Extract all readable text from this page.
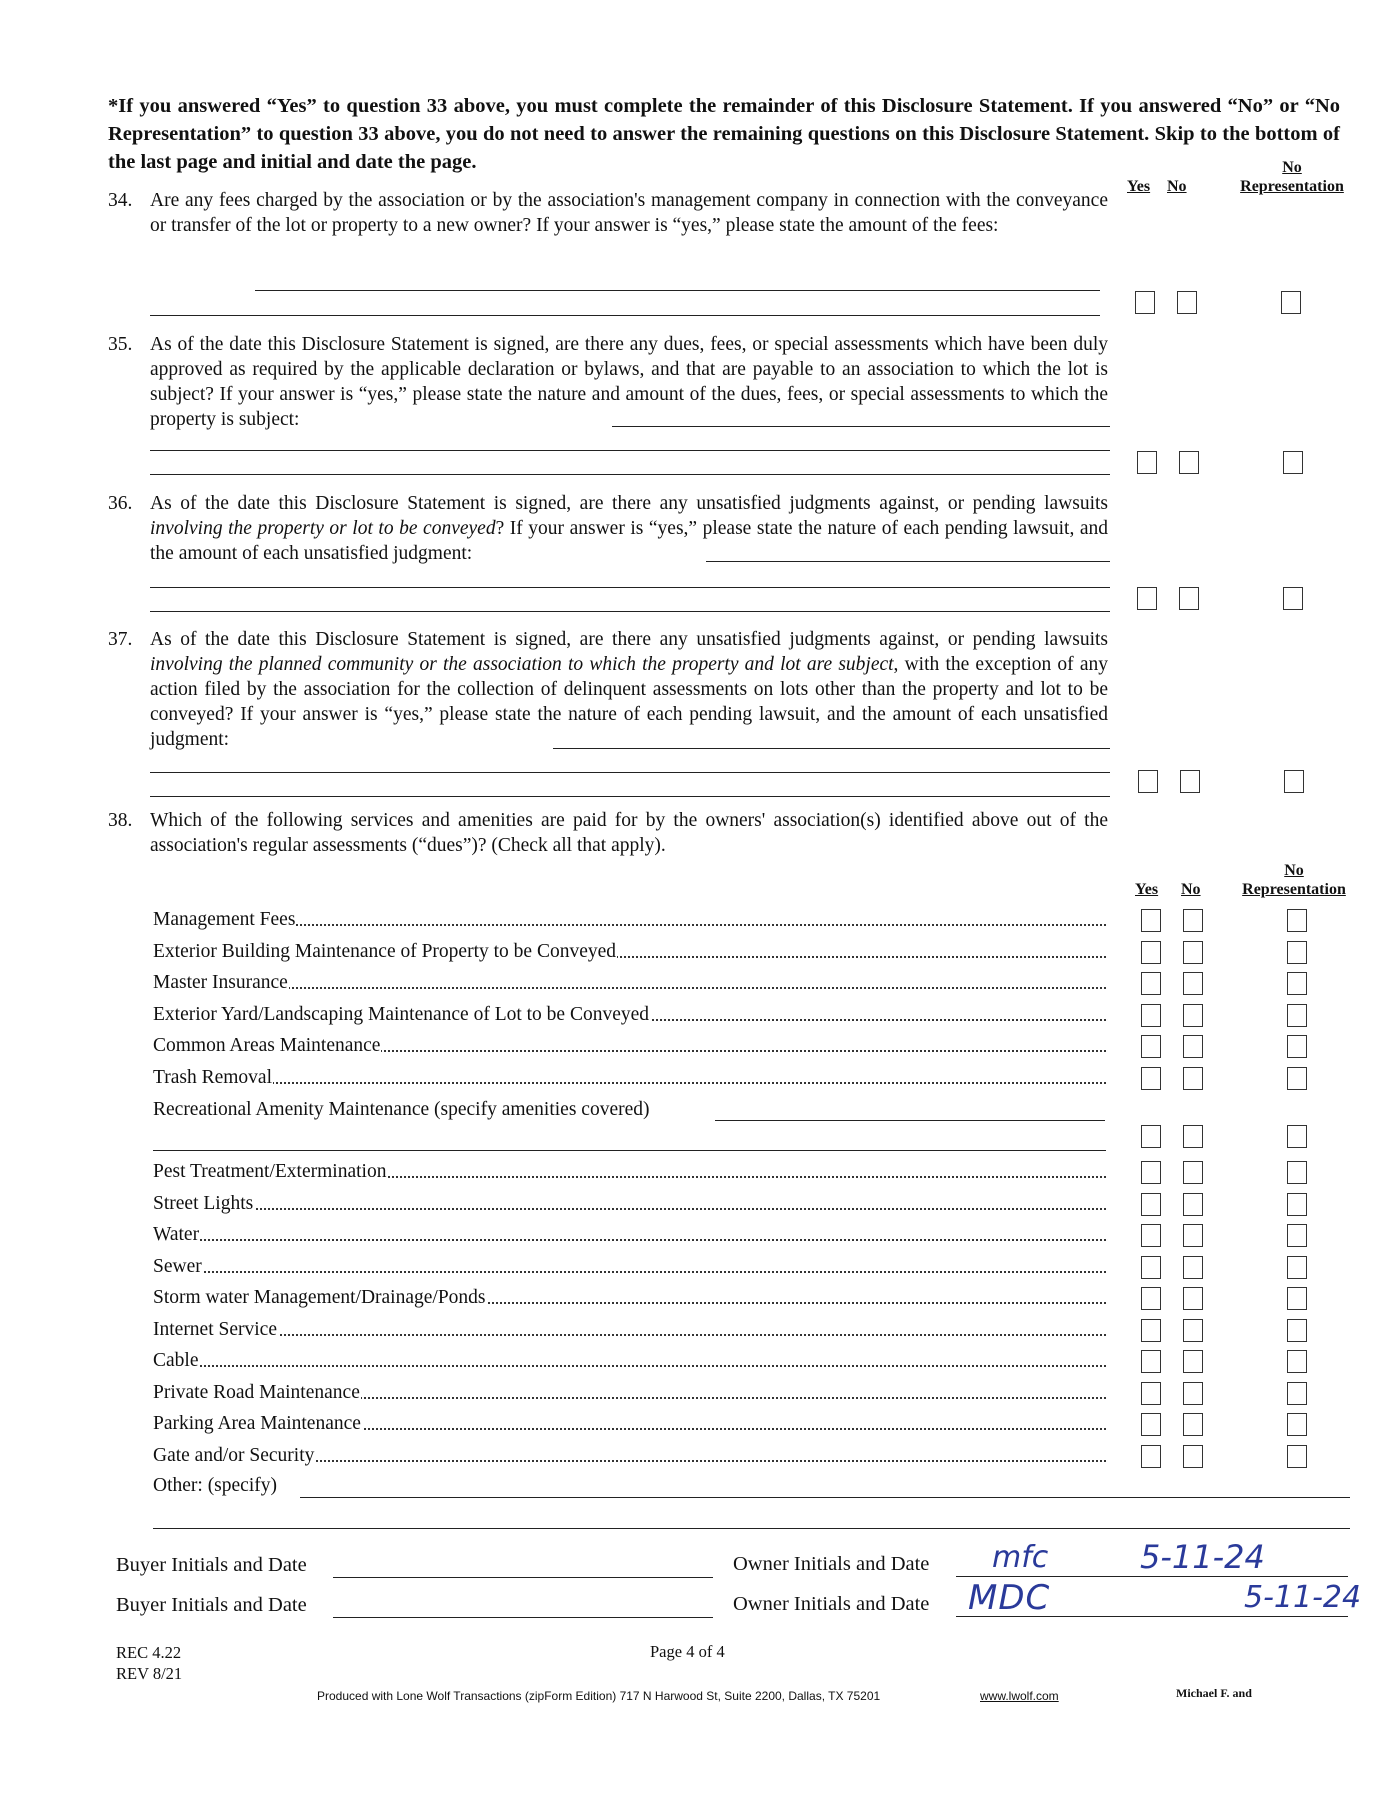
*If you answered “Yes” to question 33 above, you must complete the remainder of this Disclosure Statement. If you answered “No” or “No Representation” to question 33 above, you do not need to answer the remaining questions on this Disclosure Statement. Skip to the bottom of the last page and initial and date the page.
Yes No
No
Representation
34. Are any fees charged by the association or by the association's management company in connection with the conveyance or transfer of the lot or property to a new owner? If your answer is “yes,” please state the amount of the fees:
35. As of the date this Disclosure Statement is signed, are there any dues, fees, or special assessments which have been duly approved as required by the applicable declaration or bylaws, and that are payable to an association to which the lot is subject? If your answer is “yes,” please state the nature and amount of the dues, fees, or special assessments to which the property is subject:
36. As of the date this Disclosure Statement is signed, are there any unsatisfied judgments against, or pending lawsuits involving the property or lot to be conveyed? If your answer is “yes,” please state the nature of each pending lawsuit, and the amount of each unsatisfied judgment:
37. As of the date this Disclosure Statement is signed, are there any unsatisfied judgments against, or pending lawsuits involving the planned community or the association to which the property and lot are subject, with the exception of any action filed by the association for the collection of delinquent assessments on lots other than the property and lot to be conveyed? If your answer is “yes,” please state the nature of each pending lawsuit, and the amount of each unsatisfied judgment:
38. Which of the following services and amenities are paid for by the owners' association(s) identified above out of the association's regular assessments (“dues”)? (Check all that apply).
Yes No
No
Representation
Management Fees
Exterior Building Maintenance of Property to be Conveyed
Master Insurance
Exterior Yard/Landscaping Maintenance of Lot to be Conveyed
Common Areas Maintenance
Trash Removal
Recreational Amenity Maintenance (specify amenities covered)
Pest Treatment/Extermination
Street Lights
Water
Sewer
Storm water Management/Drainage/Ponds
Internet Service
Cable
Private Road Maintenance
Parking Area Maintenance
Gate and/or Security
Other: (specify)
Buyer Initials and Date
Buyer Initials and Date
Owner Initials and Date
Owner Initials and Date
mfc	5-11-24
MDC	5-11-24
REC 4.22
REV 8/21
Page 4 of 4
Produced with Lone Wolf Transactions (zipForm Edition) 717 N Harwood St, Suite 2200, Dallas, TX 75201	www.lwolf.com	Michael F. and
